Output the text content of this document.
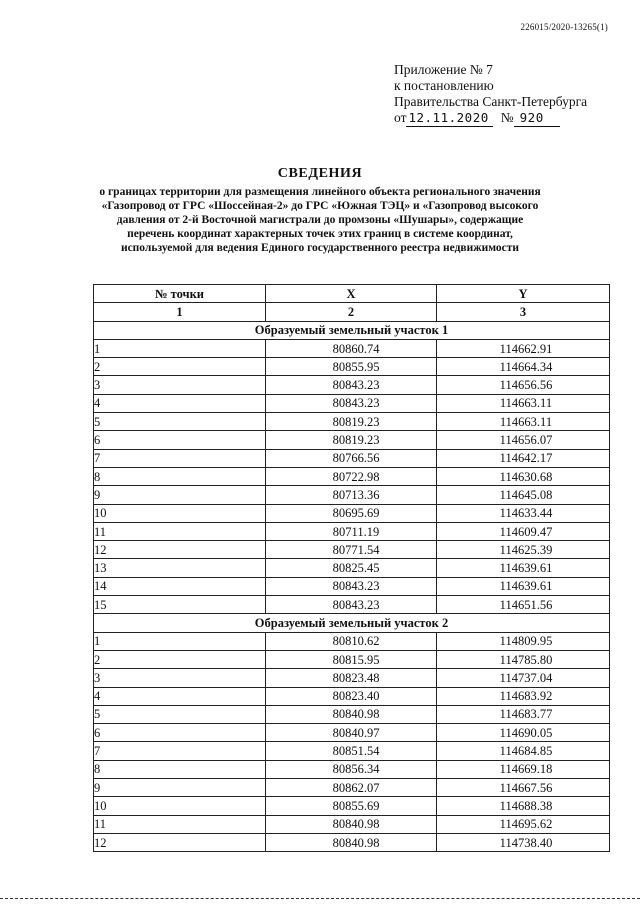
226015/2020-13265(1)
Приложение № 7
к постановлению
Правительства Санкт-Петербурга
от 12.11.2020 № 920
СВЕДЕНИЯ
о границах территории для размещения линейного объекта регионального значения
«Газопровод от ГРС «Шоссейная-2» до ГРС «Южная ТЭЦ» и «Газопровод высокого
давления от 2-й Восточной магистрали до промзоны «Шушары», содержащие
перечень координат характерных точек этих границ в системе координат,
используемой для ведения Единого государственного реестра недвижимости
№ точки	X	Y
1	2	3
Образуемый земельный участок 1		
1	80860.74	114662.91
2	80855.95	114664.34
3	80843.23	114656.56
4	80843.23	114663.11
5	80819.23	114663.11
6	80819.23	114656.07
7	80766.56	114642.17
8	80722.98	114630.68
9	80713.36	114645.08
10	80695.69	114633.44
11	80711.19	114609.47
12	80771.54	114625.39
13	80825.45	114639.61
14	80843.23	114639.61
15	80843.23	114651.56
Образуемый земельный участок 2		
1	80810.62	114809.95
2	80815.95	114785.80
3	80823.48	114737.04
4	80823.40	114683.92
5	80840.98	114683.77
6	80840.97	114690.05
7	80851.54	114684.85
8	80856.34	114669.18
9	80862.07	114667.56
10	80855.69	114688.38
11	80840.98	114695.62
12	80840.98	114738.40
